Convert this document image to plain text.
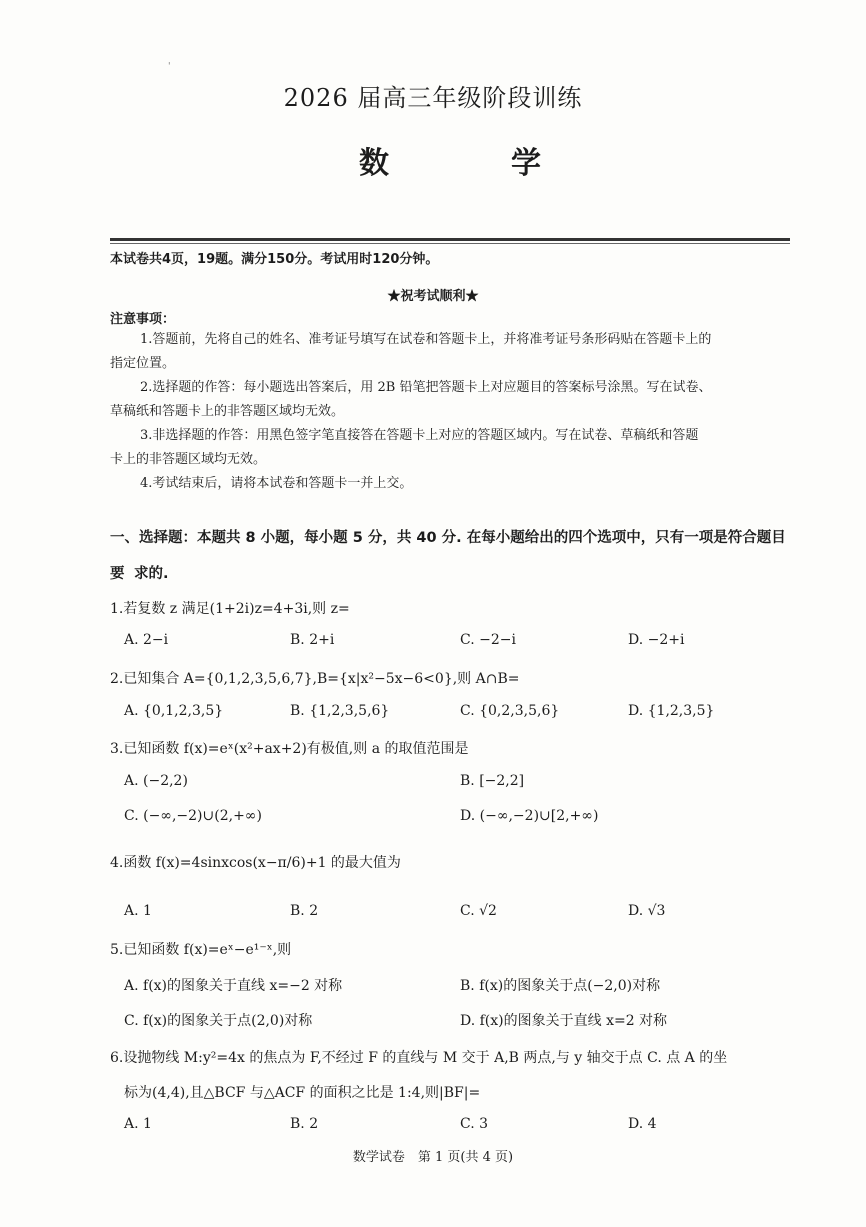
'
2026 届高三年级阶段训练
数　学
本试卷共4页，19题。满分150分。考试用时120分钟。
★祝考试顺利★
注意事项：
1.答题前，先将自己的姓名、准考证号填写在试卷和答题卡上，并将准考证号条形码贴在答题卡上的
指定位置。
2.选择题的作答：每小题选出答案后，用 2B 铅笔把答题卡上对应题目的答案标号涂黑。写在试卷、
草稿纸和答题卡上的非答题区域均无效。
3.非选择题的作答：用黑色签字笔直接答在答题卡上对应的答题区域内。写在试卷、草稿纸和答题
卡上的非答题区域均无效。
4.考试结束后，请将本试卷和答题卡一并上交。
一、选择题：本题共 8 小题，每小题 5 分，共 40 分. 在每小题给出的四个选项中，只有一项是符合题目要 求的.
1.若复数 z 满足(1+2i)z=4+3i,则 z=
A. 2−i	B. 2+i	C. −2−i	D. −2+i
2.已知集合 A={0,1,2,3,5,6,7},B={x|x²−5x−6<0},则 A∩B=
A. {0,1,2,3,5}	B. {1,2,3,5,6}	C. {0,2,3,5,6}	D. {1,2,3,5}
3.已知函数 f(x)=eˣ(x²+ax+2)有极值,则 a 的取值范围是
A. (−2,2)	B. [−2,2]
C. (−∞,−2)∪(2,+∞)	D. (−∞,−2)∪[2,+∞)
4.函数 f(x)=4sinxcos(x−π/6)+1 的最大值为
A. 1	B. 2	C. √2	D. √3
5.已知函数 f(x)=eˣ−e¹⁻ˣ,则
A. f(x)的图象关于直线 x=−2 对称	B. f(x)的图象关于点(−2,0)对称
C. f(x)的图象关于点(2,0)对称	D. f(x)的图象关于直线 x=2 对称
6.设抛物线 M:y²=4x 的焦点为 F,不经过 F 的直线与 M 交于 A,B 两点,与 y 轴交于点 C. 点 A 的坐
标为(4,4),且△BCF 与△ACF 的面积之比是 1:4,则|BF|=
A. 1	B. 2	C. 3	D. 4
数学试卷　第 1 页(共 4 页)
